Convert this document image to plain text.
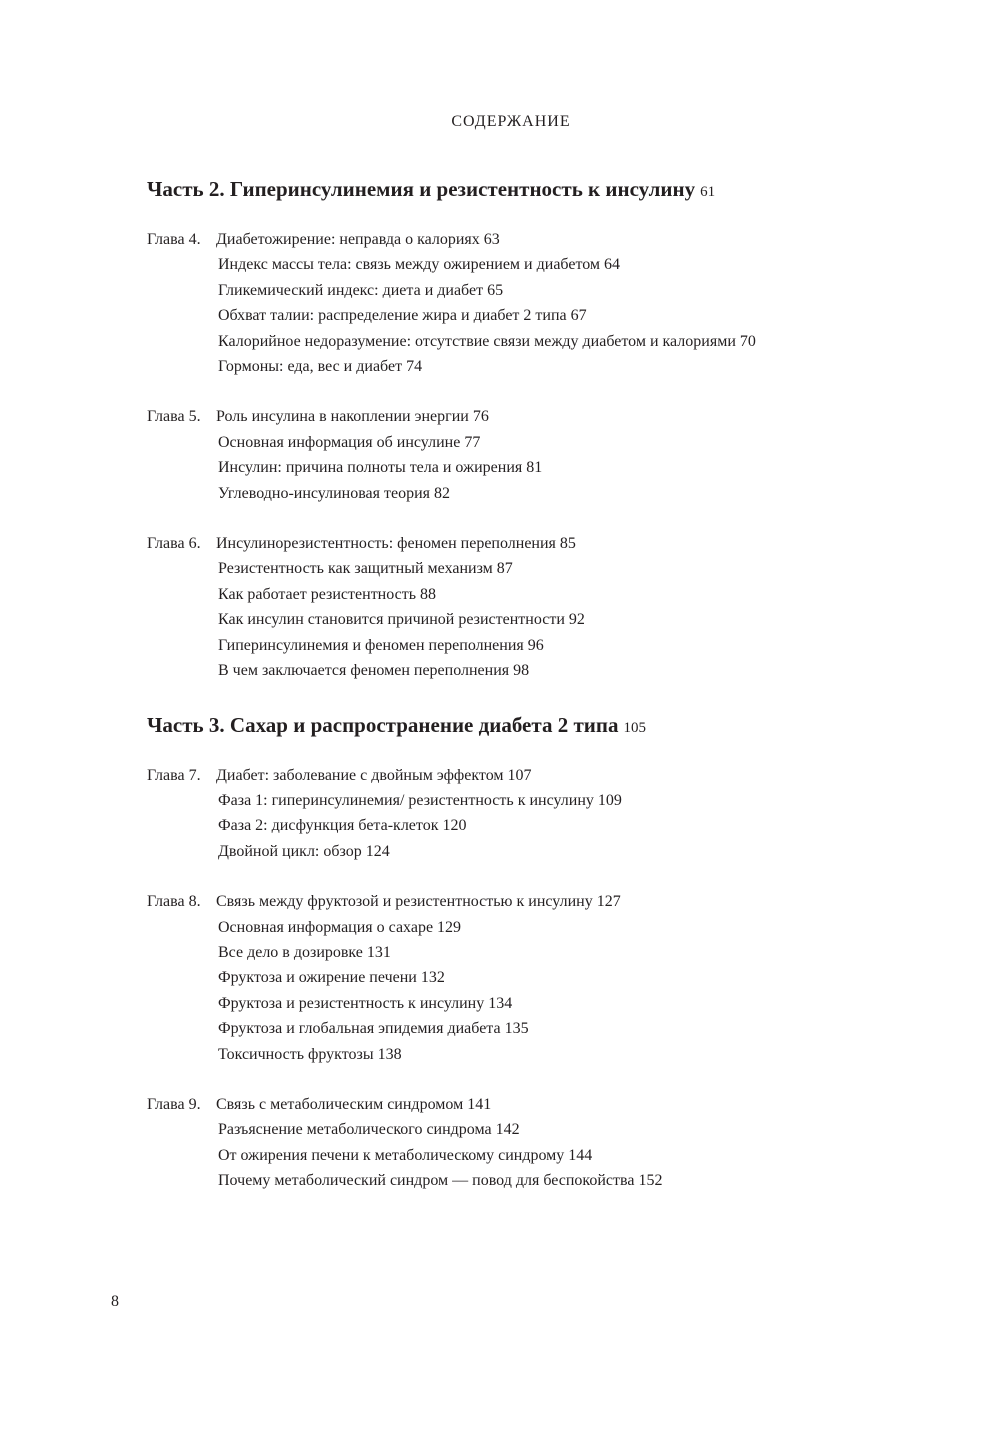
СОДЕРЖАНИЕ
Часть 2. Гиперинсулинемия и резистентность к инсулину 61
Глава 4. Диабетожирение: неправда о калориях 63
Индекс массы тела: связь между ожирением и диабетом 64
Гликемический индекс: диета и диабет 65
Обхват талии: распределение жира и диабет 2 типа 67
Калорийное недоразумение: отсутствие связи между диабетом и калориями 70
Гормоны: еда, вес и диабет 74
Глава 5. Роль инсулина в накоплении энергии 76
Основная информация об инсулине 77
Инсулин: причина полноты тела и ожирения 81
Углеводно-инсулиновая теория 82
Глава 6. Инсулинорезистентность: феномен переполнения 85
Резистентность как защитный механизм 87
Как работает резистентность 88
Как инсулин становится причиной резистентности 92
Гиперинсулинемия и феномен переполнения 96
В чем заключается феномен переполнения 98
Часть 3. Сахар и распространение диабета 2 типа 105
Глава 7. Диабет: заболевание с двойным эффектом 107
Фаза 1: гиперинсулинемия/ резистентность к инсулину 109
Фаза 2: дисфункция бета-клеток 120
Двойной цикл: обзор 124
Глава 8. Связь между фруктозой и резистентностью к инсулину 127
Основная информация о сахаре 129
Все дело в дозировке 131
Фруктоза и ожирение печени 132
Фруктоза и резистентность к инсулину 134
Фруктоза и глобальная эпидемия диабета 135
Токсичность фруктозы 138
Глава 9. Связь с метаболическим синдромом 141
Разъяснение метаболического синдрома 142
От ожирения печени к метаболическому синдрому 144
Почему метаболический синдром — повод для беспокойства 152
8
